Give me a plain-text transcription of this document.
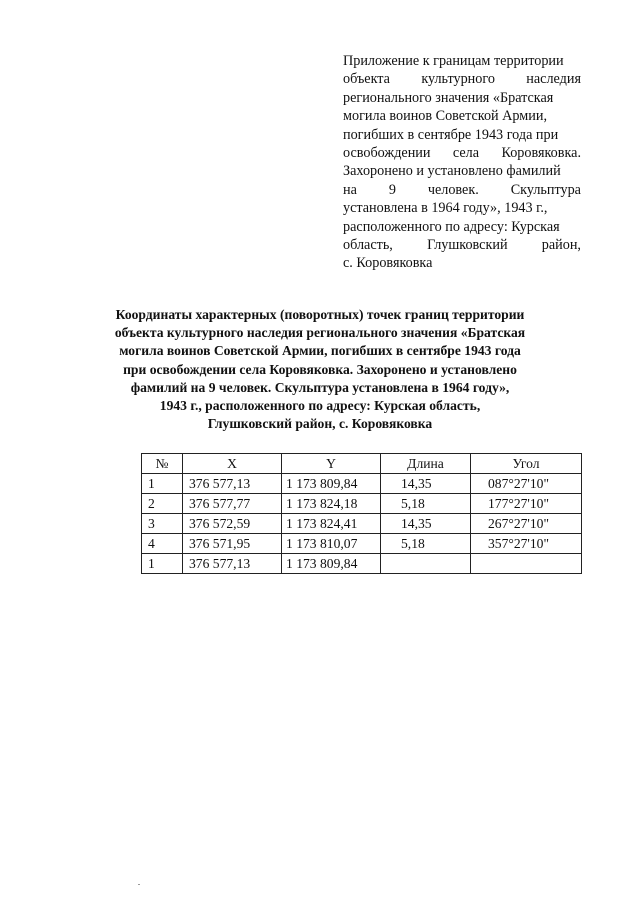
Приложение к границам территории
объекта культурного наследия
регионального значения «Братская
могила воинов Советской Армии,
погибших в сентябре 1943 года при
освобождении села Коровяковка.
Захоронено и установлено фамилий
на 9 человек. Скульптура
установлена в 1964 году», 1943 г.,
расположенного по адресу: Курская
область, Глушковский район,
с. Коровяковка
Координаты характерных (поворотных) точек границ территории
объекта культурного наследия регионального значения «Братская
могила воинов Советской Армии, погибших в сентябре 1943 года
при освобождении села Коровяковка. Захоронено и установлено
фамилий на 9 человек. Скульптура установлена в 1964 году»,
1943 г., расположенного по адресу: Курская область,
Глушковский район, с. Коровяковка
№	X	Y	Длина	Угол
1	376 577,13	1 173 809,84	14,35	087°27'10"
2	376 577,77	1 173 824,18	5,18	177°27'10"
3	376 572,59	1 173 824,41	14,35	267°27'10"
4	376 571,95	1 173 810,07	5,18	357°27'10"
1	376 577,13	1 173 809,84		
